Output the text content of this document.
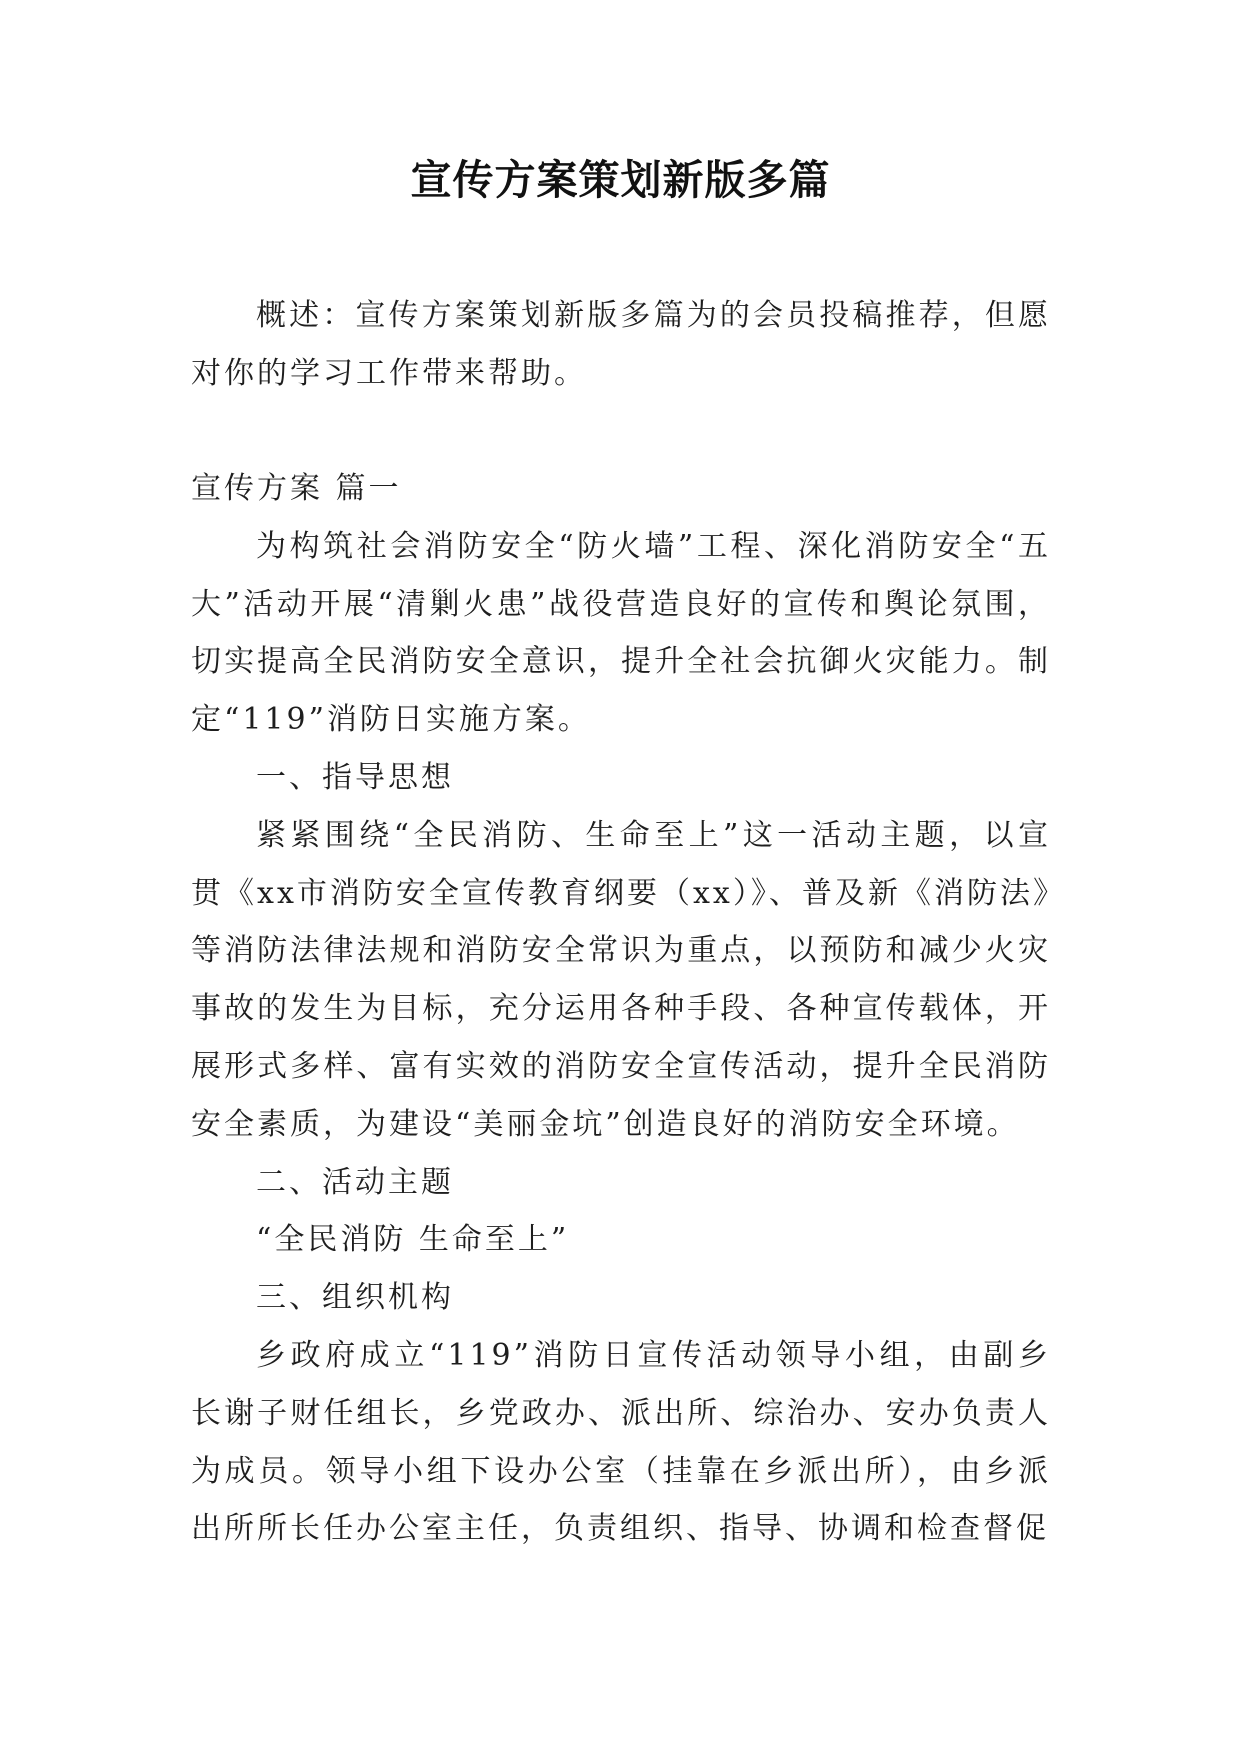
宣传方案策划新版多篇

概述：宣传方案策划新版多篇为的会员投稿推荐，但愿对你的学习工作带来帮助。

宣传方案 篇一

为构筑社会消防安全“防火墙”工程、深化消防安全“五大”活动开展“清剿火患”战役营造良好的宣传和舆论氛围，切实提高全民消防安全意识，提升全社会抗御火灾能力。制定“119”消防日实施方案。

一、指导思想

紧紧围绕“全民消防、生命至上”这一活动主题，以宣贯《xx市消防安全宣传教育纲要（xx）》、普及新《消防法》等消防法律法规和消防安全常识为重点，以预防和减少火灾事故的发生为目标，充分运用各种手段、各种宣传载体，开展形式多样、富有实效的消防安全宣传活动，提升全民消防安全素质，为建设“美丽金坑”创造良好的消防安全环境。

二、活动主题

“全民消防 生命至上”

三、组织机构

乡政府成立“119”消防日宣传活动领导小组，由副乡长谢子财任组长，乡党政办、派出所、综治办、安办负责人为成员。领导小组下设办公室（挂靠在乡派出所），由乡派出所所长任办公室主任，负责组织、指导、协调和检查督促
